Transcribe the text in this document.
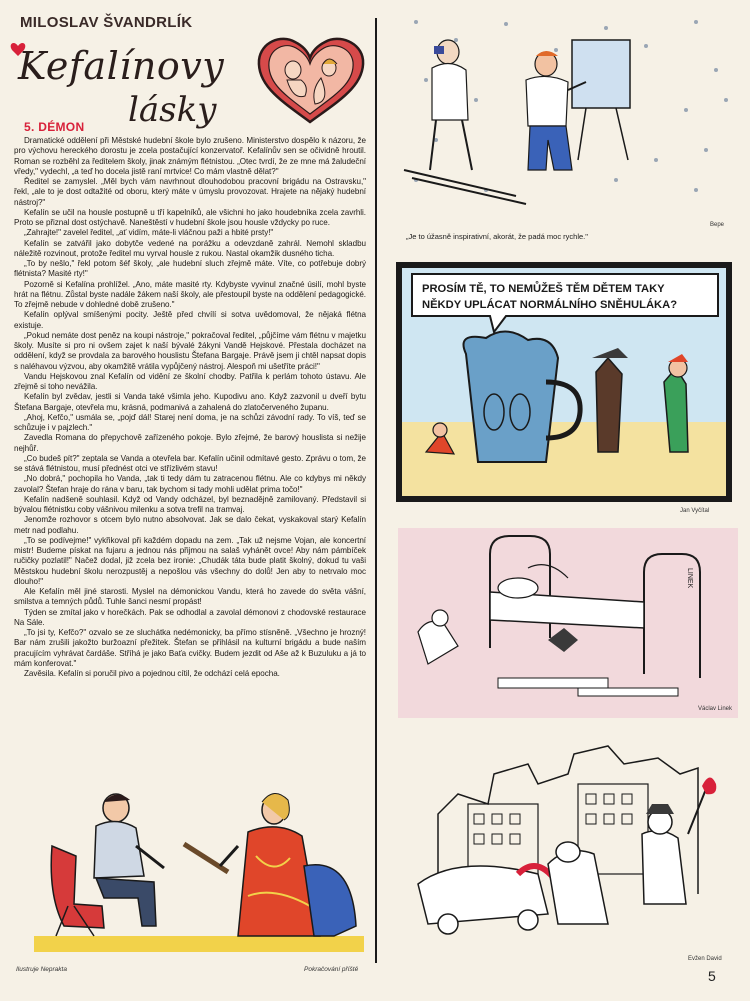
MILOSLAV ŠVANDRLÍK
Kefalínovy
lásky
5. DÉMON

Dramatické oddělení při Městské hudební škole bylo zrušeno. Ministerstvo dospělo k názoru, že pro výchovu hereckého dorostu je zcela postačující konzervatoř. Kefalínův sen se očividně hroutil. Roman se rozběhl za ředitelem školy, jinak známým flétnistou. „Otec tvrdí, že ze mne má žaludeční vředy," vydechl, „a teď ho docela jistě raní mrtvice! Co mám vlastně dělat?"

Ředitel se zamyslel. „Měl bych vám navrhnout dlouhodobou pracovní brigádu na Ostravsku," řekl, „ale to je dost odtažité od oboru, který máte v úmyslu provozovat. Hrajete na nějaký hudební nástroj?"

Kefalín se učil na housle postupně u tří kapelníků, ale všichni ho jako houdebníka zcela zavrhli. Proto se přiznal dost ostýchavě. Naneštěstí v hudební škole jsou housle vždycky po ruce.

„Zahrajte!" zavelel ředitel, „ať vidím, máte-li vláčnou paži a hbité prsty!"

Kefalín se zatvářil jako dobytče vedené na porážku a odevzdaně zahrál. Nemohl skladbu náležitě rozvinout, protože ředitel mu vyrval housle z rukou. Nastal okamžik dusného ticha.

„To by nešlo," řekl potom šéf školy, „ale hudební sluch zřejmě máte. Víte, co potřebuje dobrý flétnista? Masité rty!"

Pozorně si Kefalína prohlížel. „Ano, máte masité rty. Kdybyste vyvinul značné úsilí, mohl byste hrát na flétnu. Zůstal byste nadále žákem naší školy, ale přestoupil byste na oddělení pedagogické. To zřejmě nebude v dohledné době zrušeno."

Kefalín oplýval smíšenými pocity. Ještě před chvílí si sotva uvědomoval, že nějaká flétna existuje.

„Pokud nemáte dost peněz na koupi nástroje," pokračoval ředitel, „půjčíme vám flétnu v majetku školy. Musíte si pro ni ovšem zajet k naší bývalé žákyni Vandě Hejskové. Přestala docházet na oddělení, když se provdala za barového houslistu Štefana Bargaje. Právě jsem ji chtěl napsat dopis s naléhavou výzvou, aby okamžitě vrátila vypůjčený nástroj. Alespoň mi ušetříte práci!"

Vandu Hejskovou znal Kefalín od vidění ze školní chodby. Patřila k perlám tohoto ústavu. Ale zřejmě si toho nevážila.

Kefalín byl zvědav, jestli si Vanda také všimla jeho. Kupodivu ano. Když zazvonil u dveří bytu Štefana Bargaje, otevřela mu, krásná, podmanivá a zahalená do zlatočerveného županu.

„Ahoj, Kefčo," usmála se, „pojď dál! Starej není doma, je na schůzi závodní rady. To víš, teď se schůzuje i v pajzlech."

Zavedla Romana do přepychově zařízeného pokoje. Bylo zřejmé, že barový houslista si nežije nejhůř.

„Co budeš pít?" zeptala se Vanda a otevřela bar. Kefalín učinil odmítavé gesto. Zprávu o tom, že se stává flétnistou, musí přednést otci ve střízlivém stavu!

„No dobrá," pochopila ho Vanda, „tak ti tedy dám tu zatracenou flétnu. Ale co kdybys mi někdy zavolal? Štefan hraje do rána v baru, tak bychom si tady mohli udělat prima točo!"

Kefalín nadšeně souhlasil. Když od Vandy odcházel, byl beznadějně zamilovaný. Představil si bývalou flétnistku coby vášnivou milenku a sotva trefil na tramvaj.

Jenomže rozhovor s otcem bylo nutno absolvovat. Jak se dalo čekat, vyskakoval starý Kefalín metr nad podlahu.

„To se podívejme!" vykřikoval při každém dopadu na zem. „Tak už nejsme Vojan, ale koncertní mistr! Budeme pískat na fujaru a jednou nás přijmou na salaš vyhánět ovce! Aby nám pámbíček ručičky pozlatil!" Načež dodal, již zcela bez ironie: „Chudák táta bude platit školný, dokud tu vaši Městskou hudební školu nerozpustěj a nepošlou vás všechny do dolů! Jen aby to netrvalo moc dlouho!"

Ale Kefalín měl jiné starosti. Myslel na démonickou Vandu, která ho zavede do světa vášní, smilstva a temných půdů. Tuhle šanci nesmí propást!

Týden se zmítal jako v horečkách. Pak se odhodlal a zavolal démonovi z chodovské restaurace Na Sále.

„To jsi ty, Kefčo?" ozvalo se ze sluchátka nedémonicky, ba přímo stísněně. „Všechno je hrozný! Bar nám zrušili jakožto buržoazní přežitek. Štefan se přihlásil na kulturní brigádu a bude naším pracujícím vyhrávat čardáše. Stříhá je jako Baťa cvičky. Budem jezdit od Aše až k Buzuluku a já to mám konferovat."

Zavěsila. Kefalín si poručil pivo a pojednou cítil, že odchází celá epocha.

Ilustruje Neprakta	Pokračování příště
Bepe
„Je to úžasně inspirativní, akorát, že padá moc rychle."
PROSÍM TĚ, TO NEMŮŽEŠ TĚM DĚTEM TAKY
NĚKDY UPLÁCAT NORMÁLNÍHO SNĚHULÁKA?
Jan Vyčítal
LINEK
Václav Linek
Evžen David
5
